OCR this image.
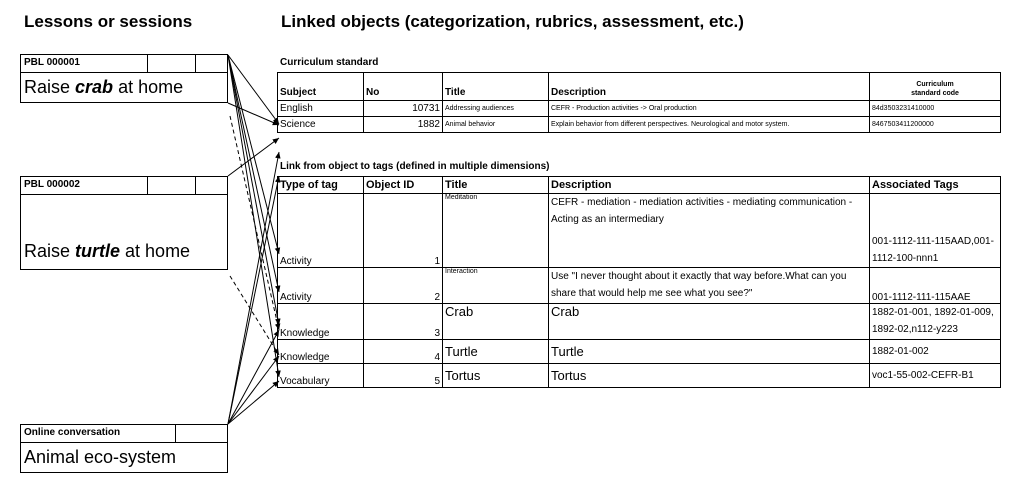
Lessons or sessions	Linked objects (categorization, rubrics, assessment, etc.)
PBL 000001
Raise crab at home
PBL 000002
Raise turtle at home
Online conversation
Animal eco-system
Curriculum standard
Subject	No	Title	Description	Curriculum
standard code

English	10731	Addressing audiences	CEFR - Production activities -> Oral production	84d3503231410000
Science	1882	Animal behavior	Explain behavior from different perspectives. Neurological and motor system.	8467503411200000
Link from object to tags (defined in multiple dimensions)
Type of tag	Object ID	Title	Description	Associated Tags
Activity	1	Meditation	CEFR - mediation - mediation activities - mediating communication - Acting as an intermediary	001-1112-111-115AAD,001-1112-100-nnn1
Activity	2	Interaction	Use "I never thought about it exactly that way before.What can you share that would help me see what you see?"	001-1112-111-115AAE
Knowledge	3	Crab	Crab	1882-01-001, 1892-01-009, 1892-02,n112-y223
Knowledge	4	Turtle	Turtle	1882-01-002
Vocabulary	5	Tortus	Tortus	voc1-55-002-CEFR-B1
